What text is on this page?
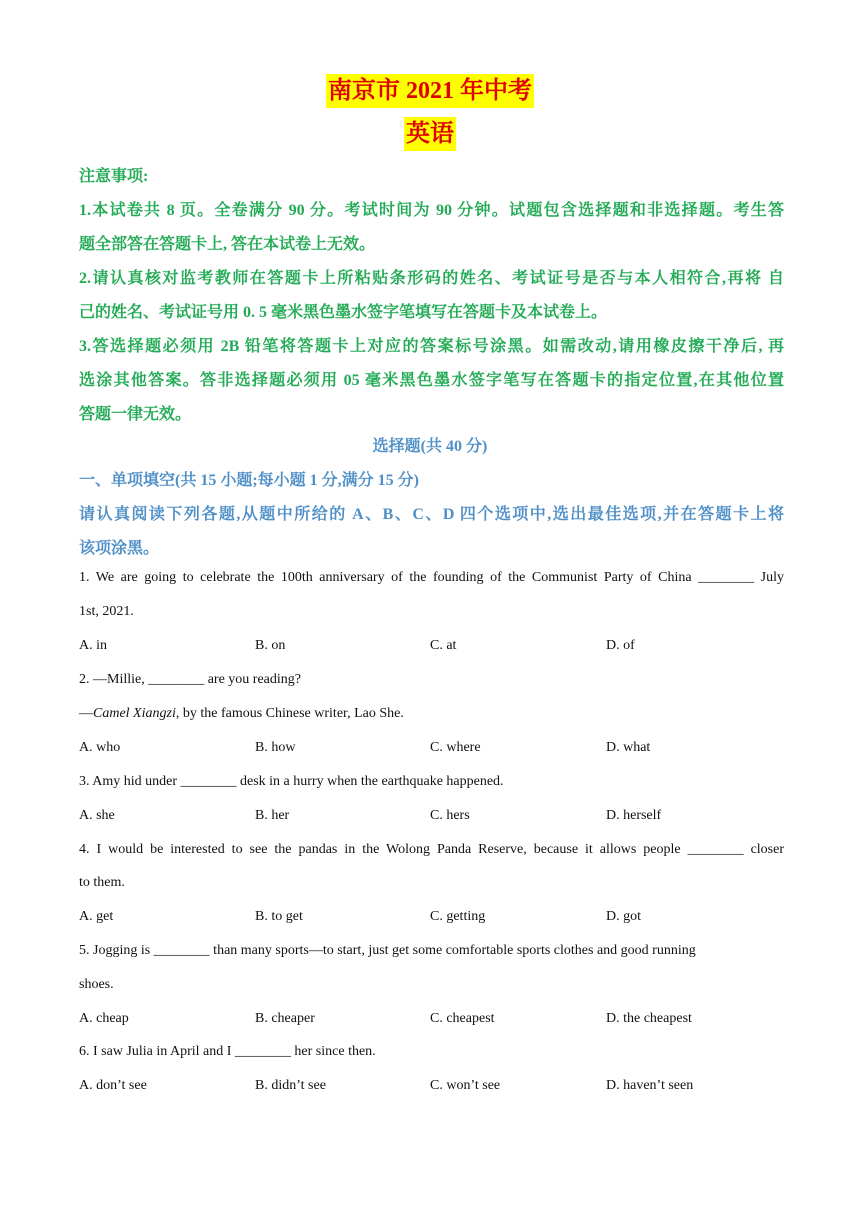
南京市 2021 年中考
英语
注意事项:
1.本试卷共 8 页。全卷满分 90 分。考试时间为 90 分钟。试题包含选择题和非选择题。考生答
题全部答在答题卡上, 答在本试卷上无效。
2.请认真核对监考教师在答题卡上所粘贴条形码的姓名、考试证号是否与本人相符合,再将 自
己的姓名、考试证号用 0. 5 毫米黑色墨水签字笔填写在答题卡及本试卷上。
3.答选择题必须用 2B 铅笔将答题卡上对应的答案标号涂黑。如需改动,请用橡皮擦干净后, 再
选涂其他答案。答非选择题必须用 05 毫米黑色墨水签字笔写在答题卡的指定位置,在其他位置
答题一律无效。
选择题(共 40 分)
一、单项填空(共 15 小题;每小题 1 分,满分 15 分)
请认真阅读下列各题,从题中所给的 A、B、C、D 四个选项中,选出最佳选项,并在答题卡上将
该项涂黑。
1. We are going to celebrate the 100th anniversary of the founding of the Communist Party of China ________ July
1st, 2021.
A. in	B. on	C. at	D. of
2. —Millie, ________ are you reading?
—Camel Xiangzi, by the famous Chinese writer, Lao She.
A. who	B. how	C. where	D. what
3. Amy hid under ________ desk in a hurry when the earthquake happened.
A. she	B. her	C. hers	D. herself
4. I would be interested to see the pandas in the Wolong Panda Reserve, because it allows people ________ closer
to them.
A. get	B. to get	C. getting	D. got
5. Jogging is ________ than many sports—to start, just get some comfortable sports clothes and good running
shoes.
A. cheap	B. cheaper	C. cheapest	D. the cheapest
6. I saw Julia in April and I ________ her since then.
A. don’t see	B. didn’t see	C. won’t see	D. haven’t seen
